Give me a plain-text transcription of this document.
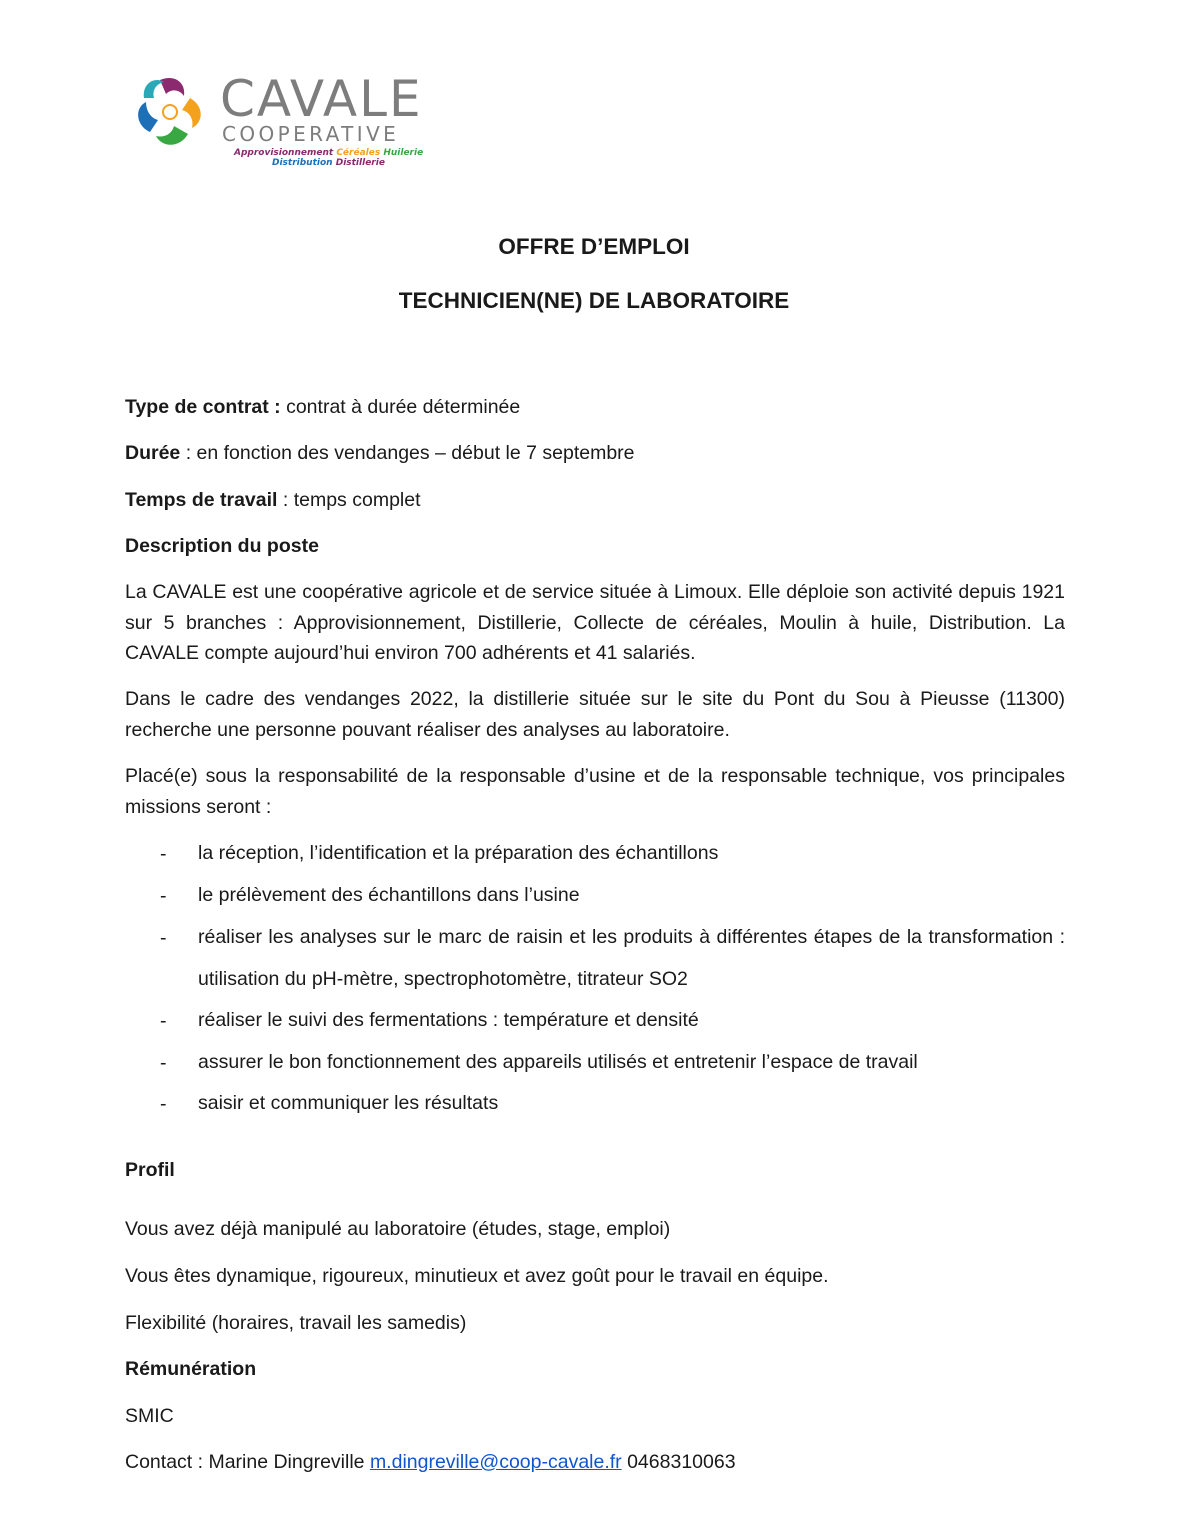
CAVALE
COOPERATIVE
Approvisionnement Céréales Huilerie
Distribution Distillerie
OFFRE D’EMPLOI
TECHNICIEN(NE) DE LABORATOIRE
Type de contrat : contrat à durée déterminée
Durée : en fonction des vendanges – début le 7 septembre
Temps de travail : temps complet
Description du poste
La CAVALE est une coopérative agricole et de service située à Limoux. Elle déploie son activité depuis 1921 sur 5 branches : Approvisionnement, Distillerie, Collecte de céréales, Moulin à huile, Distribution. La CAVALE compte aujourd’hui environ 700 adhérents et 41 salariés.
Dans le cadre des vendanges 2022, la distillerie située sur le site du Pont du Sou à Pieusse (11300) recherche une personne pouvant réaliser des analyses au laboratoire.
Placé(e) sous la responsabilité de la responsable d’usine et de la responsable technique, vos principales missions seront :
- la réception, l’identification et la préparation des échantillons
- le prélèvement des échantillons dans l’usine
- réaliser les analyses sur le marc de raisin et les produits à différentes étapes de la transformation : utilisation du pH-mètre, spectrophotomètre, titrateur SO2
- réaliser le suivi des fermentations : température et densité
- assurer le bon fonctionnement des appareils utilisés et entretenir l’espace de travail
- saisir et communiquer les résultats
Profil
Vous avez déjà manipulé au laboratoire (études, stage, emploi)
Vous êtes dynamique, rigoureux, minutieux et avez goût pour le travail en équipe.
Flexibilité (horaires, travail les samedis)
Rémunération
SMIC
Contact : Marine Dingreville m.dingreville@coop-cavale.fr 0468310063
